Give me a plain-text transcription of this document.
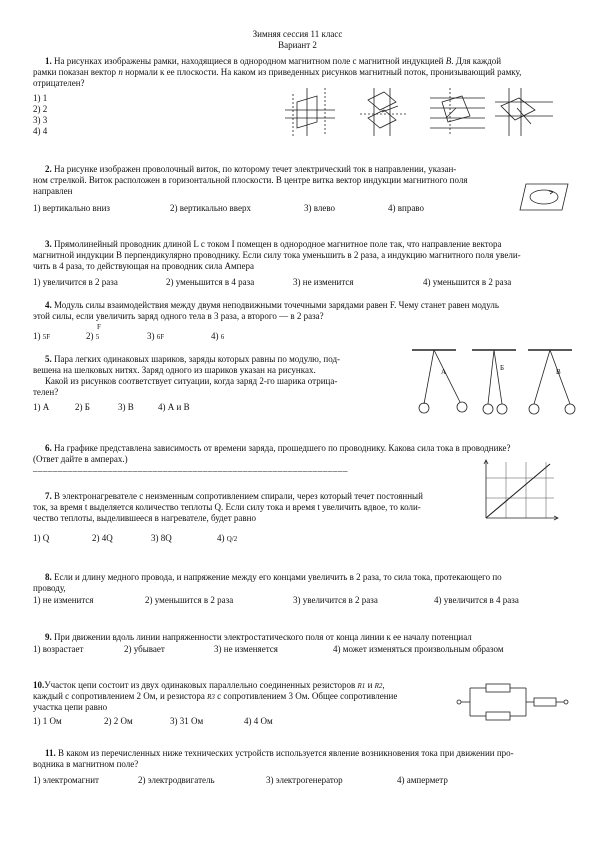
Зимняя сессия 11 класс
Вариант 2
1. На рисунках изображены рамки, находящиеся в однородном магнитном поле с магнитной индукцией B. Для каждой
рамки показан вектор n нормали к ее плоскости. На каком из приведенных рисунков магнитный поток, пронизывающий рамку,
отрицателен?
1) 1
2) 2
3) 3
4) 4
2. На рисунке изображен проволочный виток, по которому течет электрический ток в направлении, указан-
ном стрелкой. Виток расположен в горизонтальной плоскости. В центре витка вектор индукции магнитного поля
направлен
1) вертикально вниз	2) вертикально вверх	3) влево	4) вправо
3. Прямолинейный проводник длиной L с током I помещен в однородное магнитное поле так, что направление вектора
магнитной индукции B перпендикулярно проводнику. Если силу тока уменьшить в 2 раза, а индукцию магнитного поля увели-
чить в 4 раза, то действующая на проводник сила Ампера
1) увеличится в 2 раза	2) уменьшится в 4 раза	3) не изменится	4) уменьшится в 2 раза
4. Модуль силы взаимодействия между двумя неподвижными точечными зарядами равен F. Чему станет равен модуль
этой силы, если увеличить заряд одного тела в 3 раза, а второго — в 2 раза?
1) 5F	2) 5
F
3) 6F	4) 6
5. Пара легких одинаковых шариков, заряды которых равны по модулю, под-
вешена на шелковых нитях. Заряд одного из шариков указан на рисунках.
Какой из рисунков соответствует ситуации, когда заряд 2-го шарика отрица-
телен?
1) А	2) Б	3) В	4) А и В
A	Б	B
6. На графике представлена зависимость от времени заряда, прошедшего по проводнику. Какова сила тока в проводнике?
(Ответ дайте в амперах.)
_______________________________________________________________
7. В электронагревателе с неизменным сопротивлением спирали, через который течет постоянный
ток, за время t выделяется количество теплоты Q. Если силу тока и время t увеличить вдвое, то коли-
чество теплоты, выделившееся в нагревателе, будет равно
1) Q	2) 4Q	3) 8Q	4) Q/2
8. Если и длину медного провода, и напряжение между его концами увеличить в 2 раза, то сила тока, протекающего по
проводу,
1) не изменится	2) уменьшится в 2 раза	3) увеличится в 2 раза	4) увеличится в 4 раза
9. При движении вдоль линии напряженности электростатического поля от конца линии к ее началу потенциал
1) возрастает	2) убывает	3) не изменяется	4) может изменяться произвольным образом
10.Участок цепи состоит из двух одинаковых параллельно соединенных резисторов R1 и R2,
каждый с сопротивлением 2 Ом, и резистора R3 с сопротивлением 3 Ом. Общее сопротивление
участка цепи равно
1) 1 Ом	2) 2 Ом	3) 31 Ом	4) 4 Ом
11. В каком из перечисленных ниже технических устройств используется явление возникновения тока при движении про-
водника в магнитном поле?
1) электромагнит	2) электродвигатель	3) электрогенератор	4) амперметр
